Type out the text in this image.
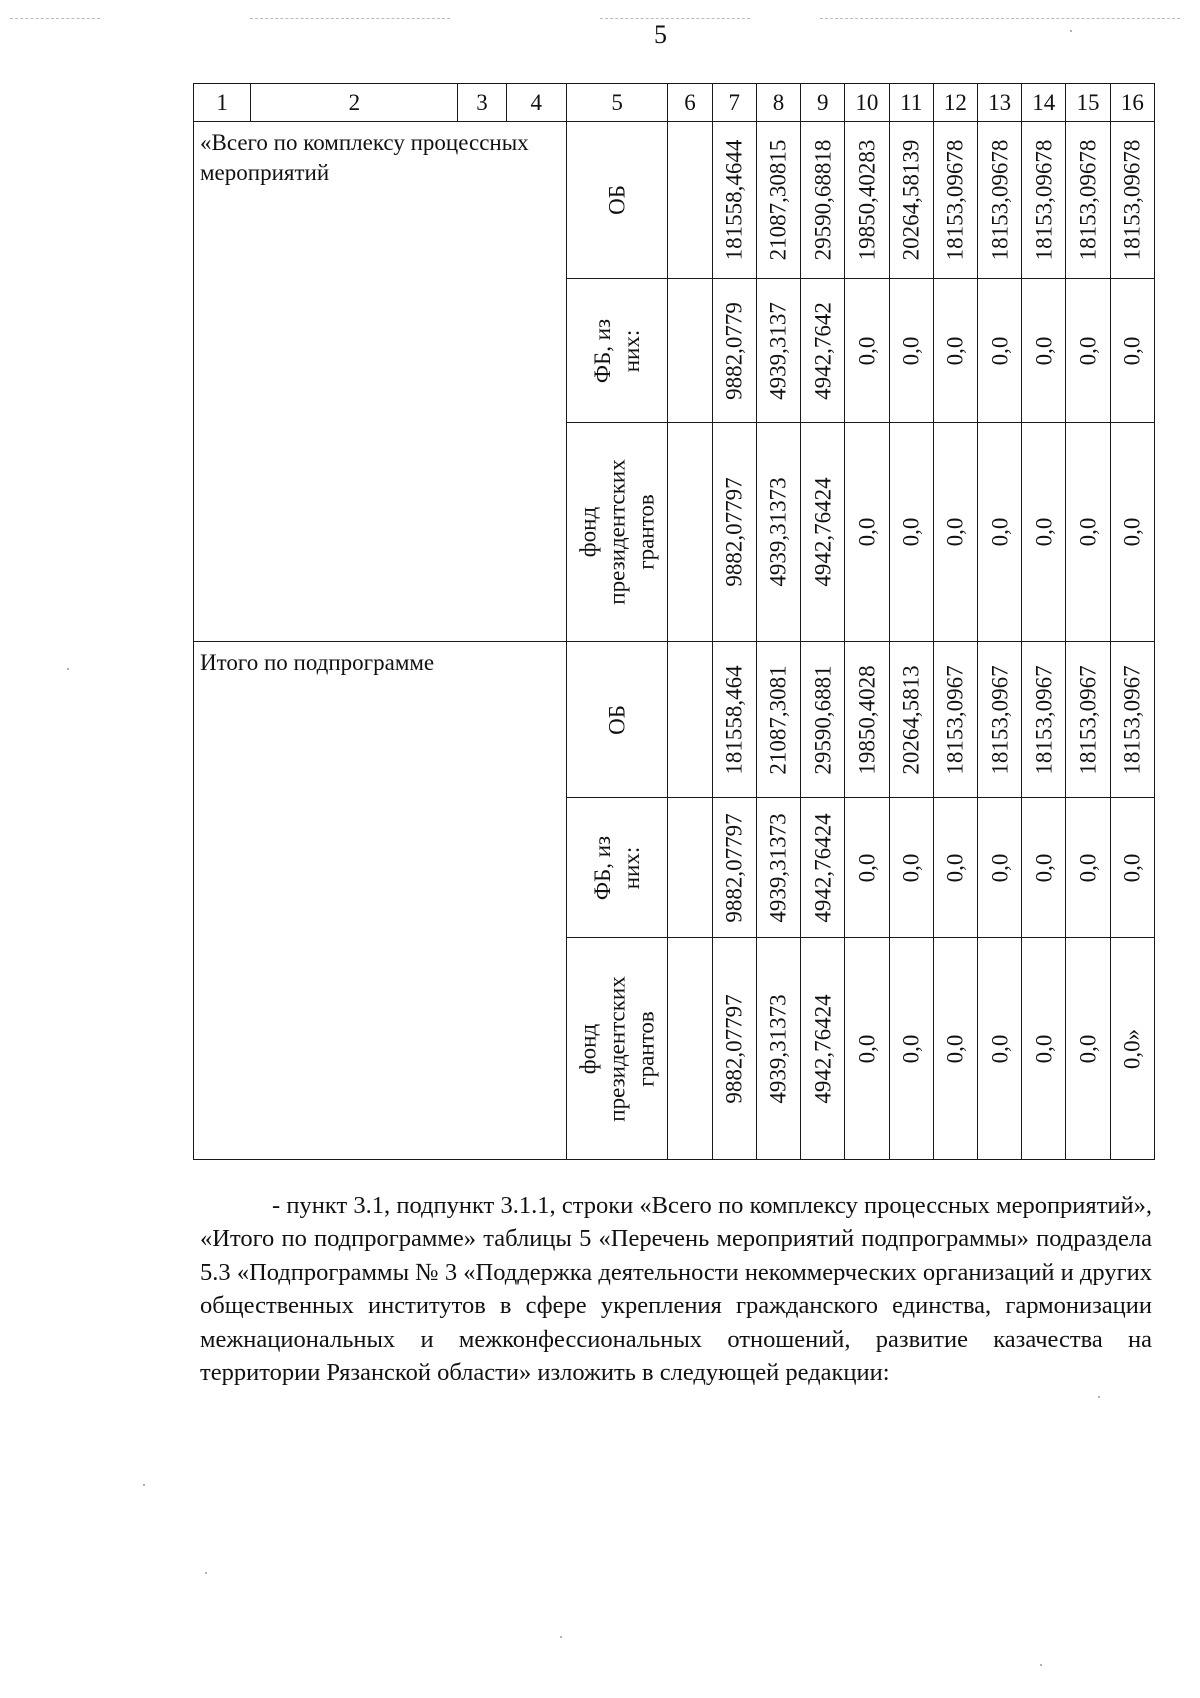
5
1	2	3	4	5	6	7	8	9	10	11	12	13	14	15	16
«Всего по комплексу процессных мероприятий				ОБ		181558,4644	21087,30815	29590,68818	19850,40283	20264,58139	18153,09678	18153,09678	18153,09678	18153,09678	18153,09678

				ФБ, из них:		9882,0779	4939,3137	4942,7642	0,0	0,0	0,0	0,0	0,0	0,0	0,0

				фонд президентских грантов		9882,07797	4939,31373	4942,76424	0,0	0,0	0,0	0,0	0,0	0,0	0,0

Итого по подпрограмме				ОБ		181558,464	21087,3081	29590,6881	19850,4028	20264,5813	18153,0967	18153,0967	18153,0967	18153,0967	18153,0967

				ФБ, из них:		9882,07797	4939,31373	4942,76424	0,0	0,0	0,0	0,0	0,0	0,0	0,0

				фонд президентских грантов		9882,07797	4939,31373	4942,76424	0,0	0,0	0,0	0,0	0,0	0,0	0,0»

- пункт 3.1, подпункт 3.1.1, строки «Всего по комплексу процессных мероприятий», «Итого по подпрограмме» таблицы 5 «Перечень мероприятий подпрограммы» подраздела 5.3 «Подпрограммы № 3 «Поддержка деятельности некоммерческих организаций и других общественных институтов в сфере укрепления гражданского единства, гармонизации межнациональных и межконфессиональных отношений, развитие казачества на территории Рязанской области» изложить в следующей редакции:
